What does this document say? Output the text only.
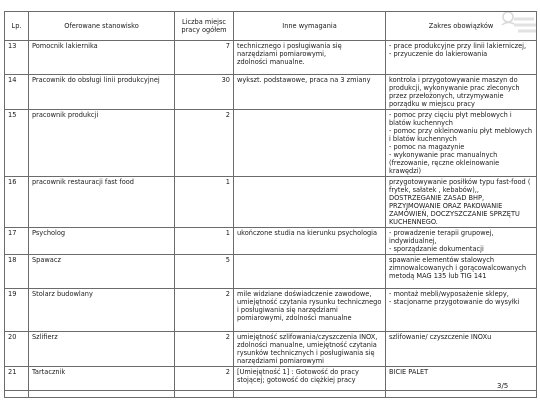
Lp.	Oferowane stanowisko	Liczba miejsc
pracy ogółem	Inne wymagania	Zakres obowiązków
13	Pomocnik lakiernika	7	technicznego i posługiwania się narzędziami pomiarowymi,
zdolności manualne.	- prace produkcyjne przy linii lakierniczej,
- przyuczenie do lakierowania
14	Pracownik do obsługi linii produkcyjnej	30	wykszt. podstawowe, praca na 3 zmiany	kontrola i przygotowywanie maszyn do produkcji, wykonywanie prac zleconych przez przełożonych, utrzymywanie porządku w miejscu pracy
15	pracownik produkcji	2		- pomoc przy cięciu płyt meblowych i blatów kuchennych
- pomoc przy okleinowaniu płyt meblowych i blatów kuchennych
- pomoc na magazynie
- wykonywanie prac manualnych (frezowanie, ręczne okleinowanie krawędzi)
16	pracownik restauracji fast food	1		przygotowywanie posiłków typu fast-food ( frytek, sałatek , kebabów),, DOSTRZEGANIE ZASAD BHP, PRZYJMOWANIE ORAZ PAKOWANIE ZAMÓWIEŃ, DOCZYSZCZANIE SPRZĘTU KUCHENNEGO.
17	Psycholog	1	ukończone studia na kierunku psychologia	- prowadzenie terapii grupowej, indywidualnej,
- sporządzanie dokumentacji
18	Spawacz	5		spawanie elementów stalowych zimnowalcowanych i gorącowalcowanych metodą MAG 135 lub TIG 141
19	Stolarz budowlany	2	mile widziane doświadczenie zawodowe, umiejętność czytania rysunku technicznego i posługiwania się narzędziami pomiarowymi, zdolności manualne	- montaż mebli/wyposażenie sklepy,
- stacjonarne przygotowanie do wysyłki
20	Szlifierz	2	umiejętność szlifowania/czyszczenia INOX, zdolności manualne, umiejętność czytania rysunków technicznych i posługiwania się narzędziami pomiarowymi	szlifowanie/ czyszczenie INOXu
21	Tartacznik	2	[Umiejętność 1] : Gotowość do pracy stojącej; gotowość do ciężkiej pracy	BICIE PALET

3/5
